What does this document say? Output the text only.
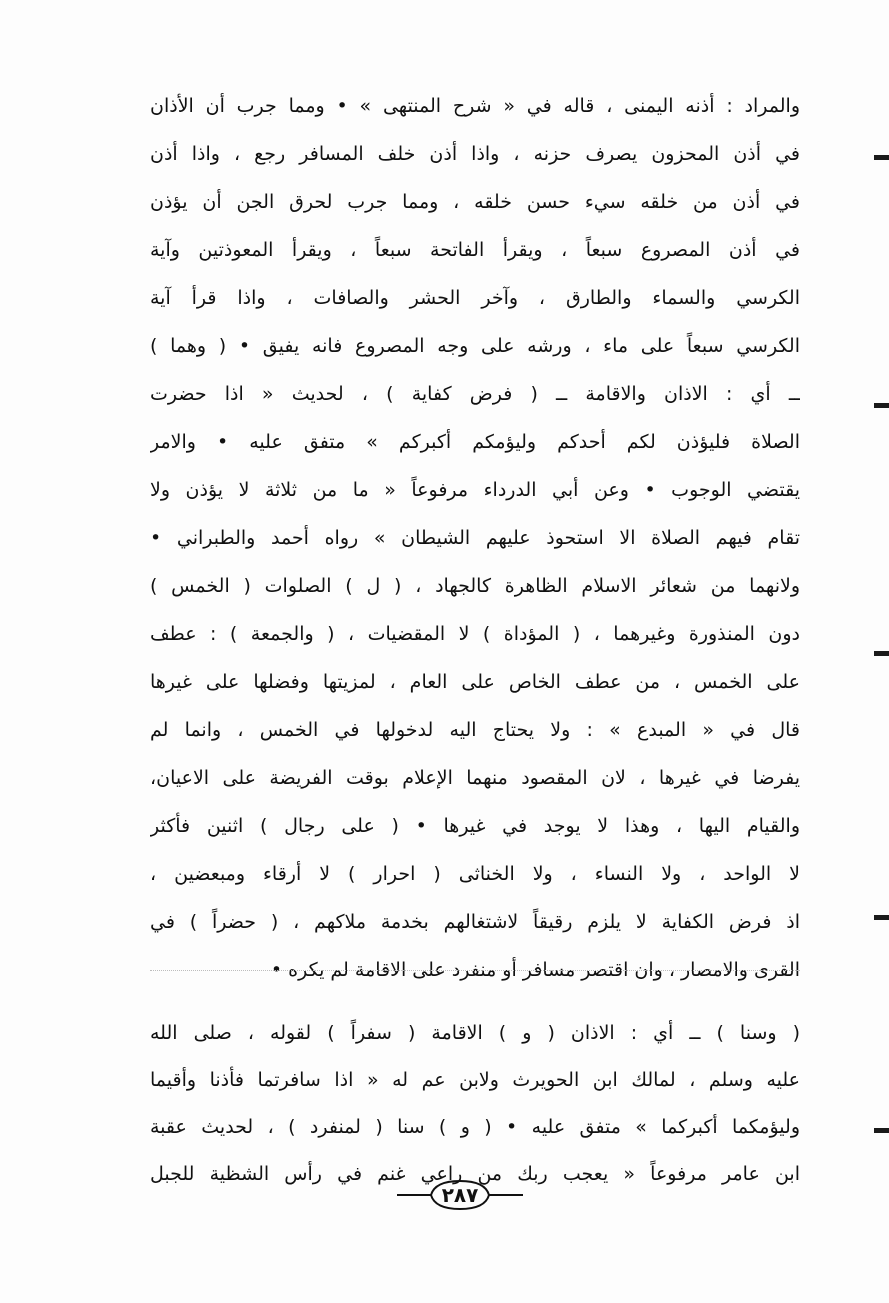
والمراد : أذنه اليمنى ، قاله في « شرح المنتهى » • ومما جرب أن الأذان
في أذن المحزون يصرف حزنه ، واذا أذن خلف المسافر رجع ، واذا أذن
في أذن من خلقه سيء حسن خلقه ، ومما جرب لحرق الجن أن يؤذن
في أذن المصروع سبعاً ، ويقرأ الفاتحة سبعاً ، ويقرأ المعوذتين وآية
الكرسي والسماء والطارق ، وآخر الحشر والصافات ، واذا قرأ آية
الكرسي سبعاً على ماء ، ورشه على وجه المصروع فانه يفيق • ( وهما )
ــ أي : الاذان والاقامة ــ ( فرض كفاية ) ، لحديث « اذا حضرت
الصلاة فليؤذن لكم أحدكم وليؤمكم أكبركم » متفق عليه • والامر
يقتضي الوجوب • وعن أبي الدرداء مرفوعاً « ما من ثلاثة لا يؤذن ولا
تقام فيهم الصلاة الا استحوذ عليهم الشيطان » رواه أحمد والطبراني •
ولانهما من شعائر الاسلام الظاهرة كالجهاد ، ( ل ) الصلوات ( الخمس )
دون المنذورة وغيرهما ، ( المؤداة ) لا المقضيات ، ( والجمعة ) : عطف
على الخمس ، من عطف الخاص على العام ، لمزيتها وفضلها على غيرها
قال في « المبدع » : ولا يحتاج اليه لدخولها في الخمس ، وانما لم
يفرضا في غيرها ، لان المقصود منهما الإعلام بوقت الفريضة على الاعيان،
والقيام اليها ، وهذا لا يوجد في غيرها • ( على رجال ) اثنين فأكثر
لا الواحد ، ولا النساء ، ولا الخناثى ( احرار ) لا أرقاء ومبعضين ،
اذ فرض الكفاية لا يلزم رقيقاً لاشتغالهم بخدمة ملاكهم ، ( حضراً ) في
القرى والامصار ، وان اقتصر مسافر أو منفرد على الاقامة لم يكره •
( وسنا ) ــ أي : الاذان ( و ) الاقامة ( سفراً ) لقوله ، صلى الله
عليه وسلم ، لمالك ابن الحويرث ولابن عم له « اذا سافرتما فأذنا وأقيما
وليؤمكما أكبركما » متفق عليه • ( و ) سنا ( لمنفرد ) ، لحديث عقبة
ابن عامر مرفوعاً « يعجب ربك من راعي غنم في رأس الشظية للجبل
٢٨٧
